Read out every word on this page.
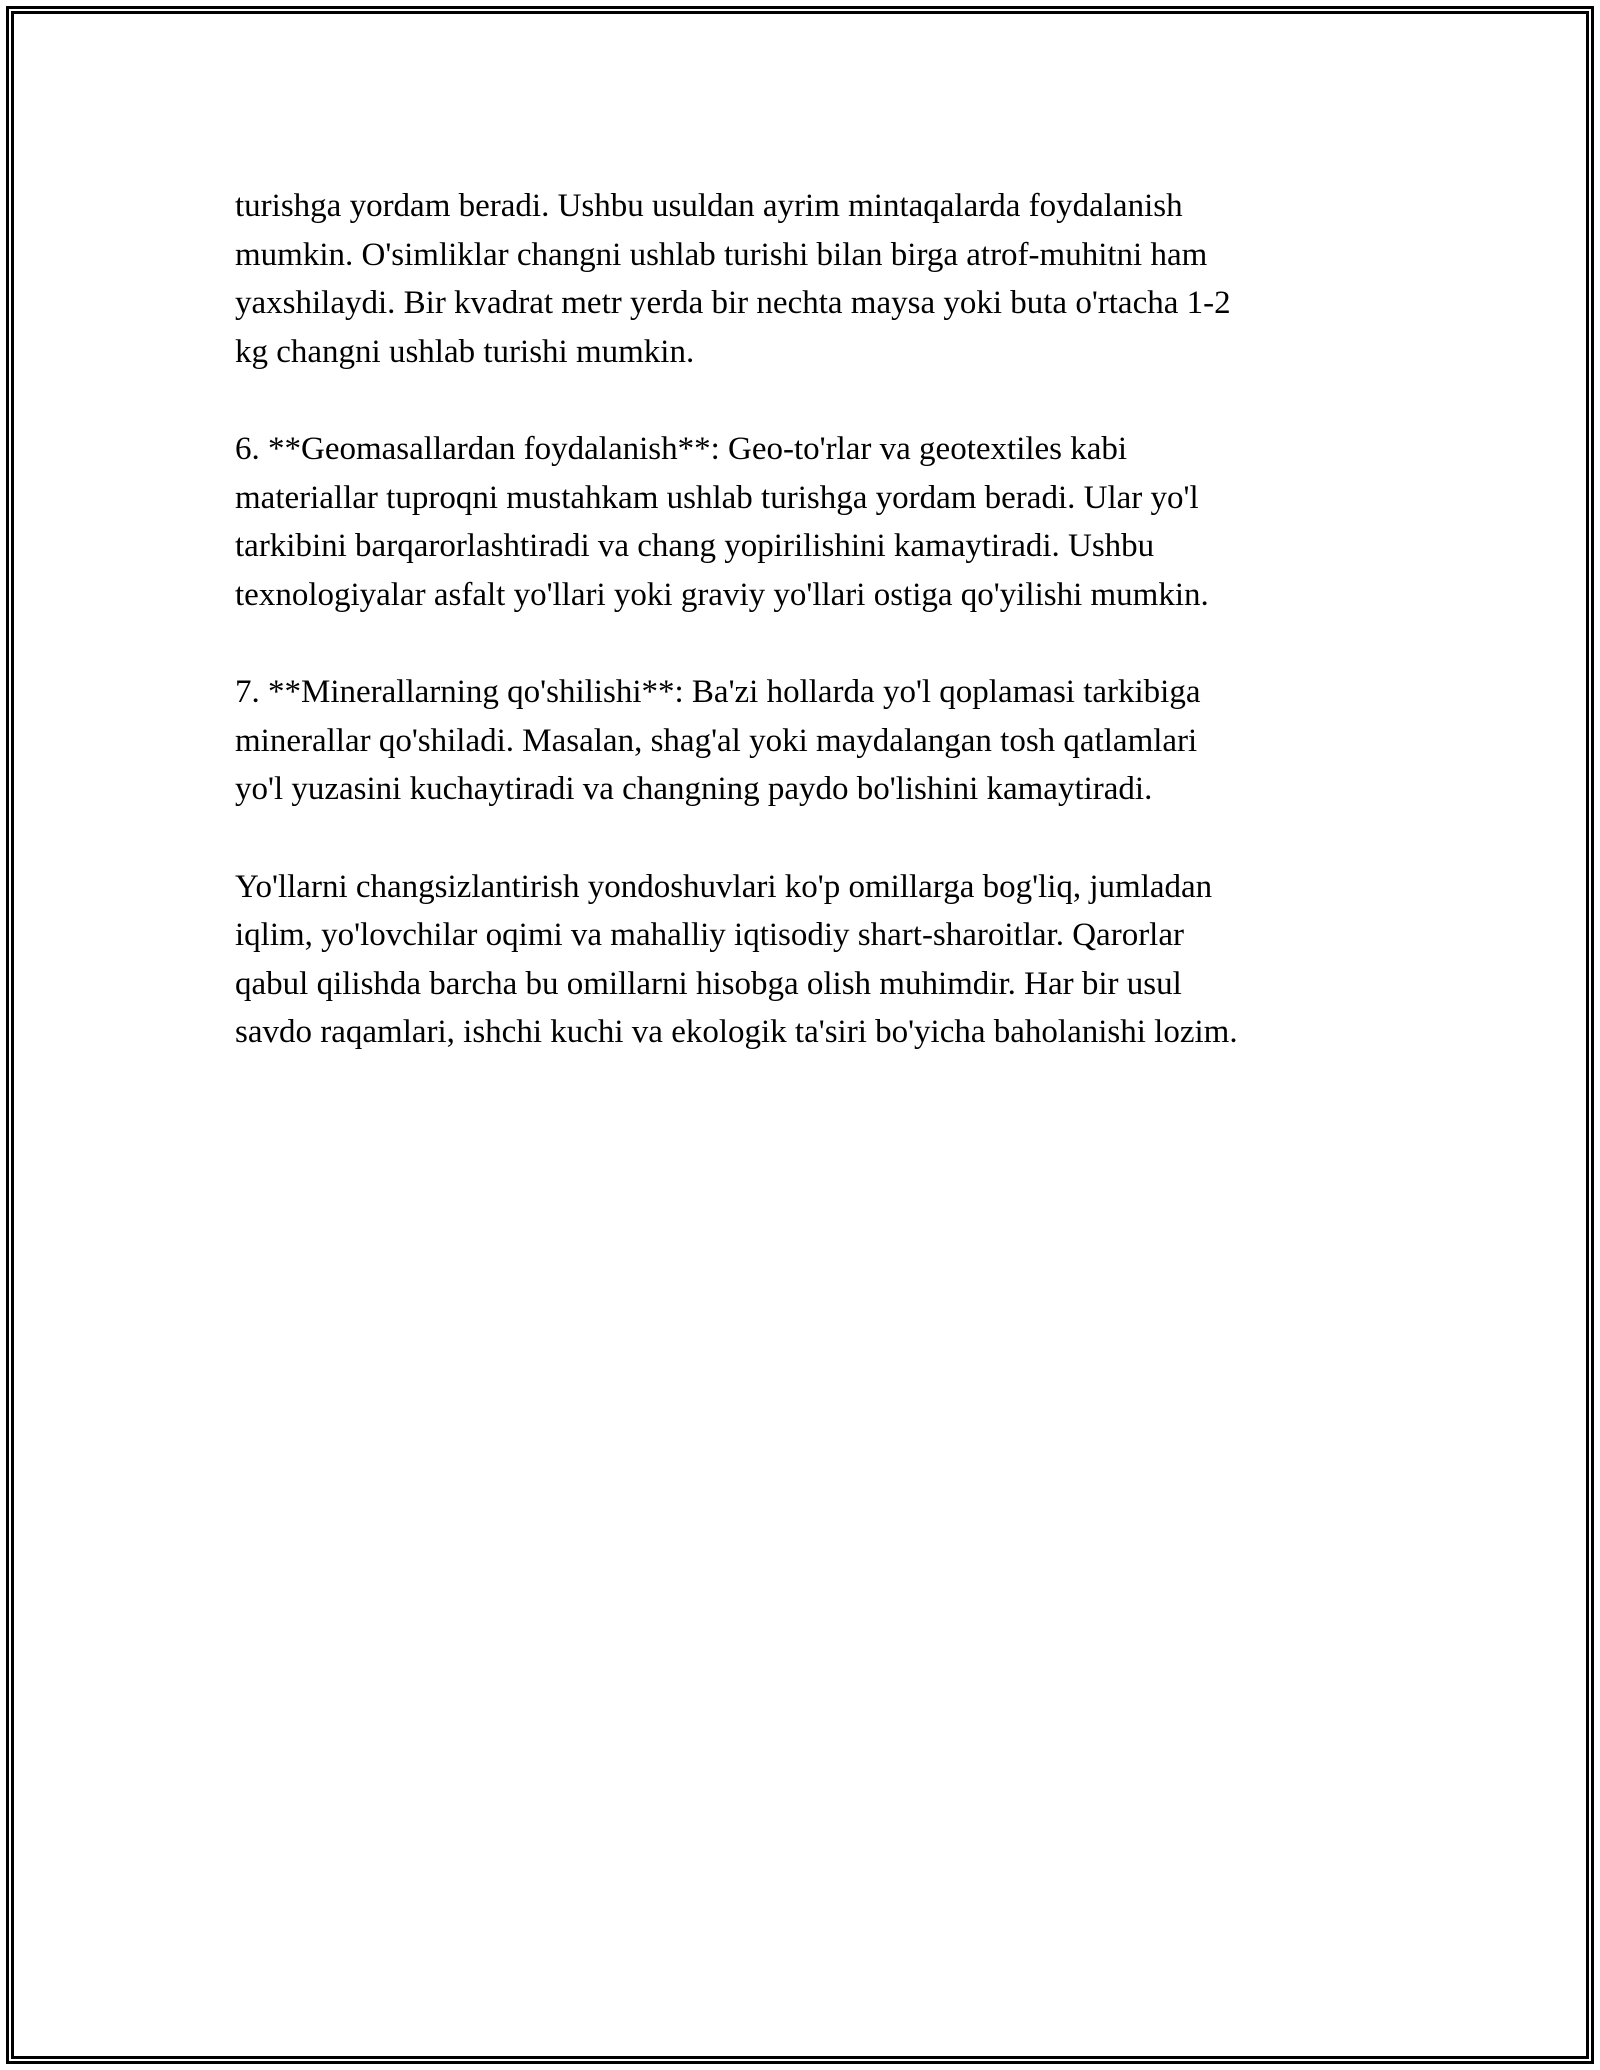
turishga yordam beradi. Ushbu usuldan ayrim mintaqalarda foydalanish
mumkin. O'simliklar changni ushlab turishi bilan birga atrof-muhitni ham
yaxshilaydi. Bir kvadrat metr yerda bir nechta maysa yoki buta o'rtacha 1-2
kg changni ushlab turishi mumkin.

6. **Geomasallardan foydalanish**: Geo-to'rlar va geotextiles kabi
materiallar tuproqni mustahkam ushlab turishga yordam beradi. Ular yo'l
tarkibini barqarorlashtiradi va chang yopirilishini kamaytiradi. Ushbu
texnologiyalar asfalt yo'llari yoki graviy yo'llari ostiga qo'yilishi mumkin.

7. **Minerallarning qo'shilishi**: Ba'zi hollarda yo'l qoplamasi tarkibiga
minerallar qo'shiladi. Masalan, shag'al yoki maydalangan tosh qatlamlari
yo'l yuzasini kuchaytiradi va changning paydo bo'lishini kamaytiradi.

Yo'llarni changsizlantirish yondoshuvlari ko'p omillarga bog'liq, jumladan
iqlim, yo'lovchilar oqimi va mahalliy iqtisodiy shart-sharoitlar. Qarorlar
qabul qilishda barcha bu omillarni hisobga olish muhimdir. Har bir usul
savdo raqamlari, ishchi kuchi va ekologik ta'siri bo'yicha baholanishi lozim.
